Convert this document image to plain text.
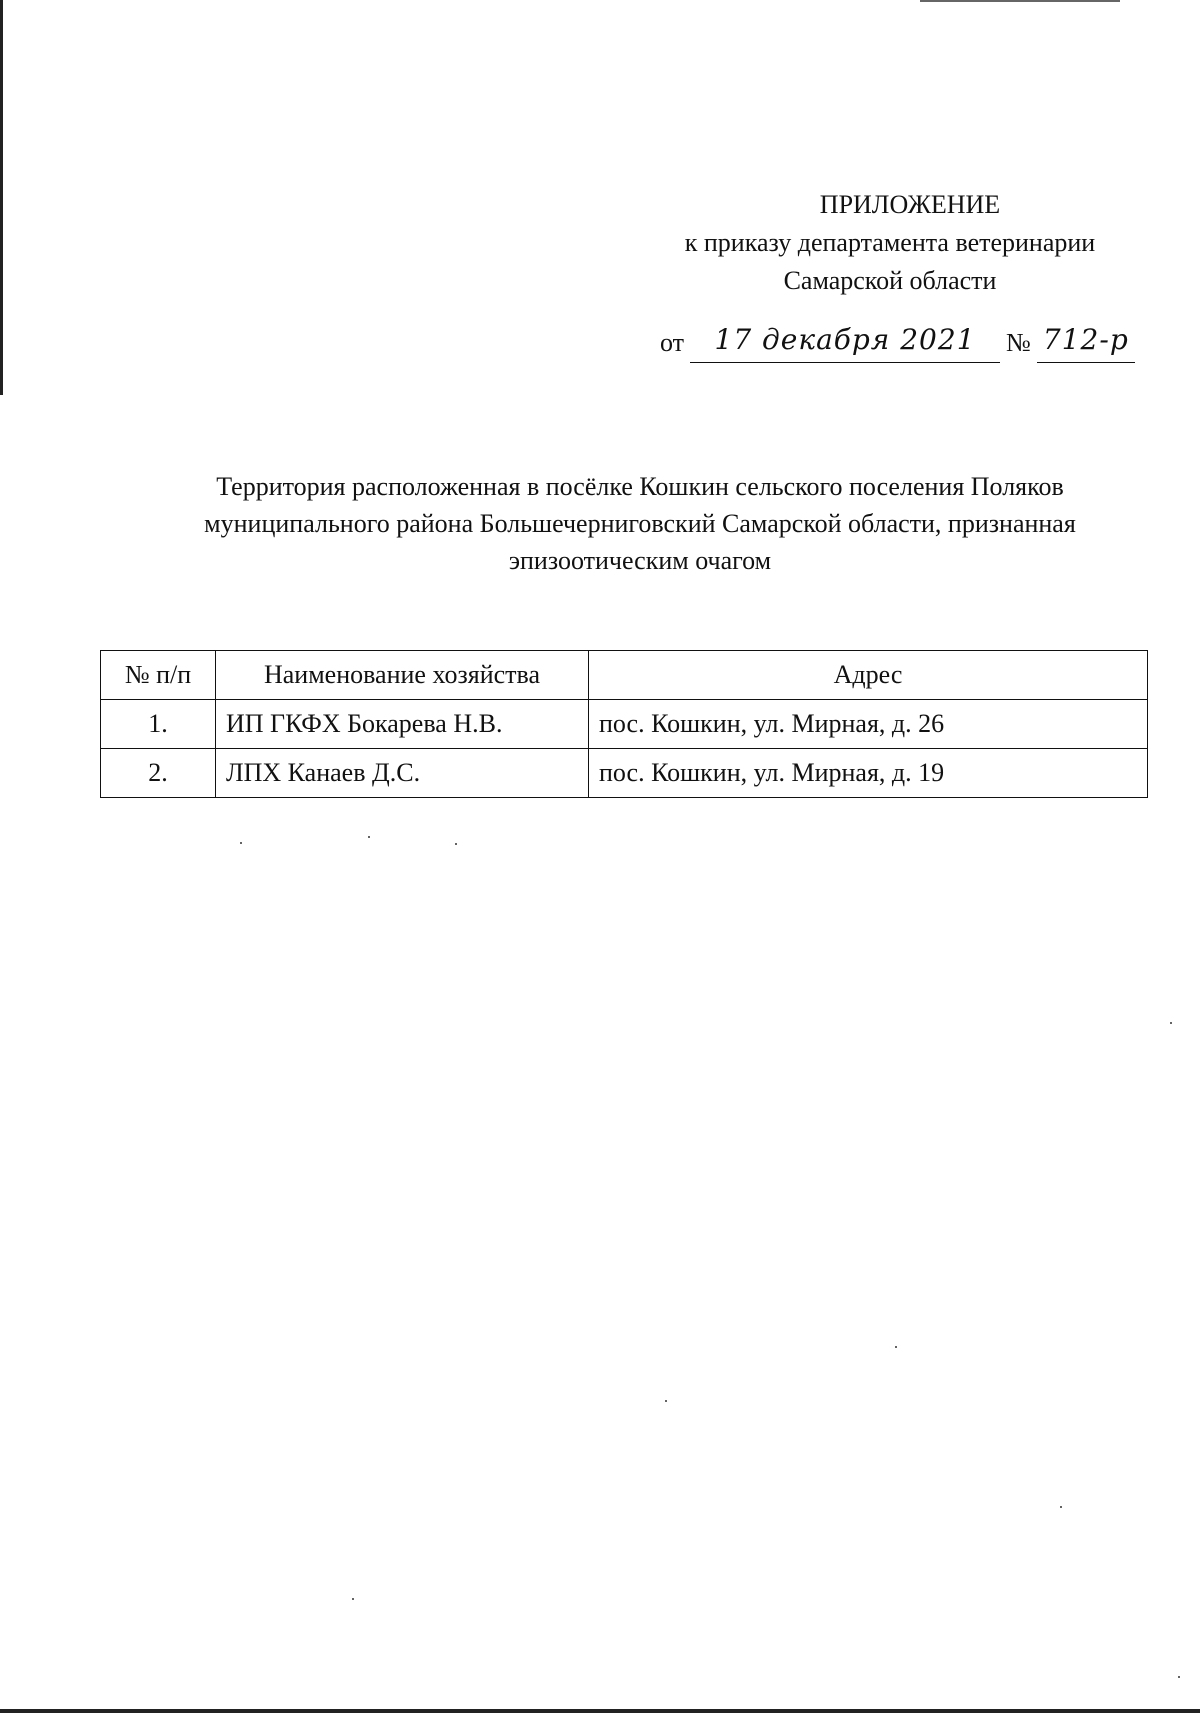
ПРИЛОЖЕНИЕ
к приказу департамента ветеринарии
Самарской области
от 17 декабря 2021 № 712-р
Территория расположенная в посёлке Кошкин сельского поселения Поляков
муниципального района Большечерниговский Самарской области, признанная
эпизоотическим очагом
№ п/п	Наименование хозяйства	Адрес
1.	ИП ГКФХ Бокарева Н.В.	пос. Кошкин, ул. Мирная, д. 26
2.	ЛПХ Канаев Д.С.	пос. Кошкин, ул. Мирная, д. 19
